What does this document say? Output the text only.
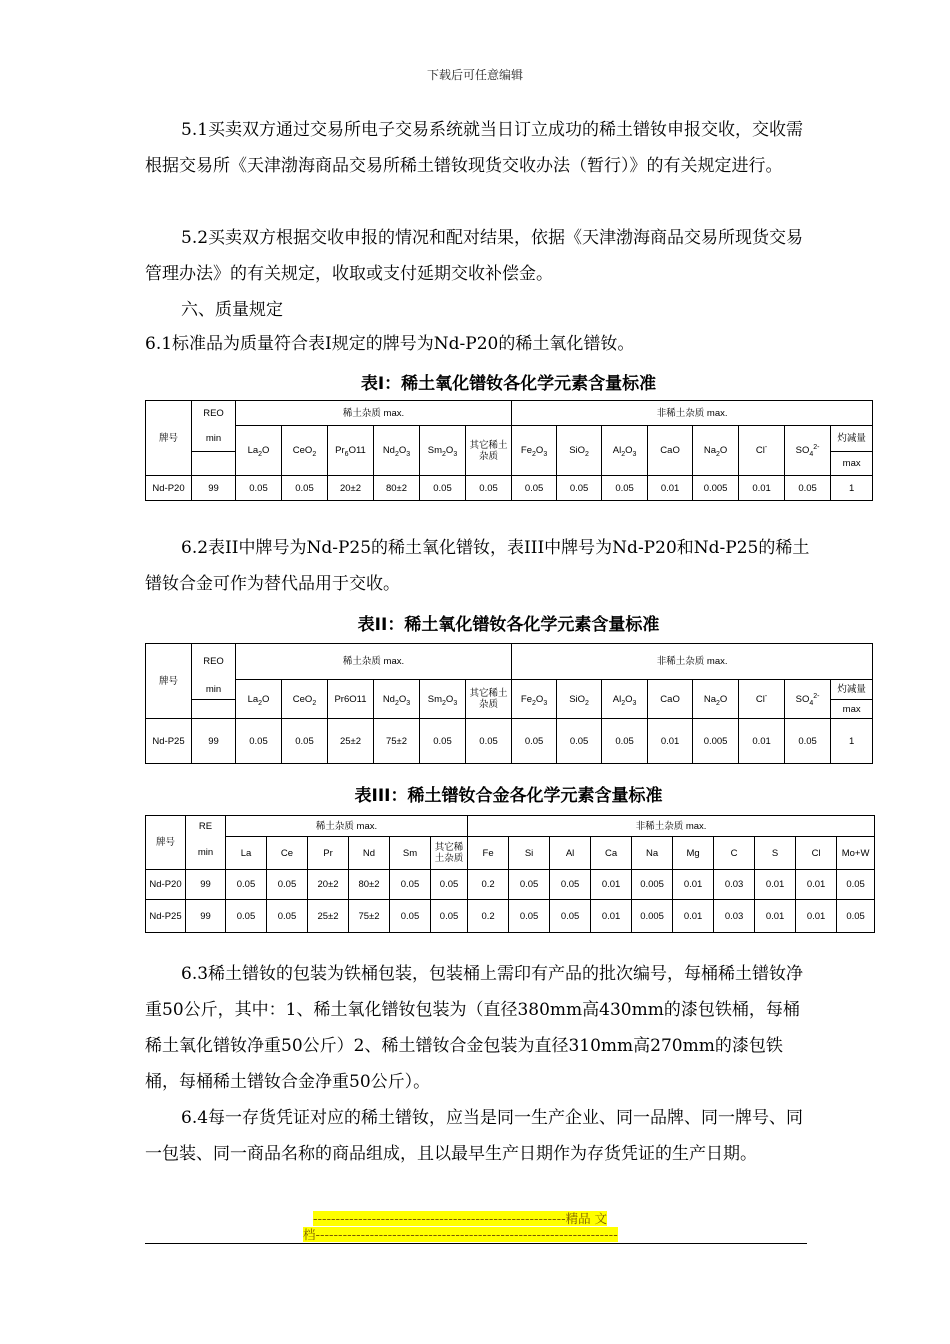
下载后可任意编辑

5.1买卖双方通过交易所电子交易系统就当日订立成功的稀土镨钕申报交收，交收需根据交易所《天津渤海商品交易所稀土镨钕现货交收办法（暂行）》的有关规定进行。

5.2买卖双方根据交收申报的情况和配对结果，依据《天津渤海商品交易所现货交易管理办法》的有关规定，收取或支付延期交收补偿金。

六、质量规定

6.1标准品为质量符合表I规定的牌号为Nd-P20的稀土氧化镨钕。

表I：稀土氧化镨钕各化学元素含量标准
牌号	REO	稀土杂质 max.						非稀土杂质 max.							
	min	$La_2O$	CeO$_2$	$Pr_6O11$	$Nd_2O_3$	$Sm_2O_3$	其它稀土杂质	$Fe_2O_3$	SiO$_2$	$Al_2O_3$	CaO	$Na_2O$	Cl-	$SO_4^{2-}$	灼减量
															max
Nd-P20	99	0.05	0.05	20±2	80±2	0.05	0.05	0.05	0.05	0.05	0.01	0.005	0.01	0.05	1

6.2表II中牌号为Nd-P25的稀土氧化镨钕，表III中牌号为Nd-P20和Nd-P25的稀土镨钕合金可作为替代品用于交收。

表II：稀土氧化镨钕各化学元素含量标准
牌号	REO	稀土杂质 max.						非稀土杂质 max.							
	min	$La_2O$	CeO$_2$	Pr6O11	$Nd_2O_3$	$Sm_2O_3$	其它稀土杂质	$Fe_2O_3$	SiO$_2$	$Al_2O_3$	CaO	$Na_2O$	Cl-	$SO_4^{2-}$	灼减量
															max
Nd-P25	99	0.05	0.05	25±2	75±2	0.05	0.05	0.05	0.05	0.05	0.01	0.005	0.01	0.05	1
表III：稀土镨钕合金各化学元素含量标准
牌号	RE	稀土杂质 max.						非稀土杂质 max.									
	min	La	Ce	Pr	Nd	Sm	其它稀土杂质	Fe	Si	Al	Ca	Na	Mg	C	S	Cl	Mo+W
Nd-P20	99	0.05	0.05	20±2	80±2	0.05	0.05	0.2	0.05	0.05	0.01	0.005	0.01	0.03	0.01	0.01	0.05
Nd-P25	99	0.05	0.05	25±2	75±2	0.05	0.05	0.2	0.05	0.05	0.01	0.005	0.01	0.03	0.01	0.01	0.05

6.3稀土镨钕的包装为铁桶包装，包装桶上需印有产品的批次编号，每桶稀土镨钕净重50公斤，其中：1、稀土氧化镨钕包装为（直径380mm高430mm的漆包铁桶，每桶稀土氧化镨钕净重50公斤）2、稀土镨钕合金包装为直径310mm高270mm的漆包铁桶，每桶稀土镨钕合金净重50公斤）。

6.4每一存货凭证对应的稀土镨钕，应当是同一生产企业、同一品牌、同一牌号、同一包装、同一商品名称的商品组成，且以最早生产日期作为存货凭证的生产日期。

--------------------------------------------------------精品 文
档-------------------------------------------------------------------
